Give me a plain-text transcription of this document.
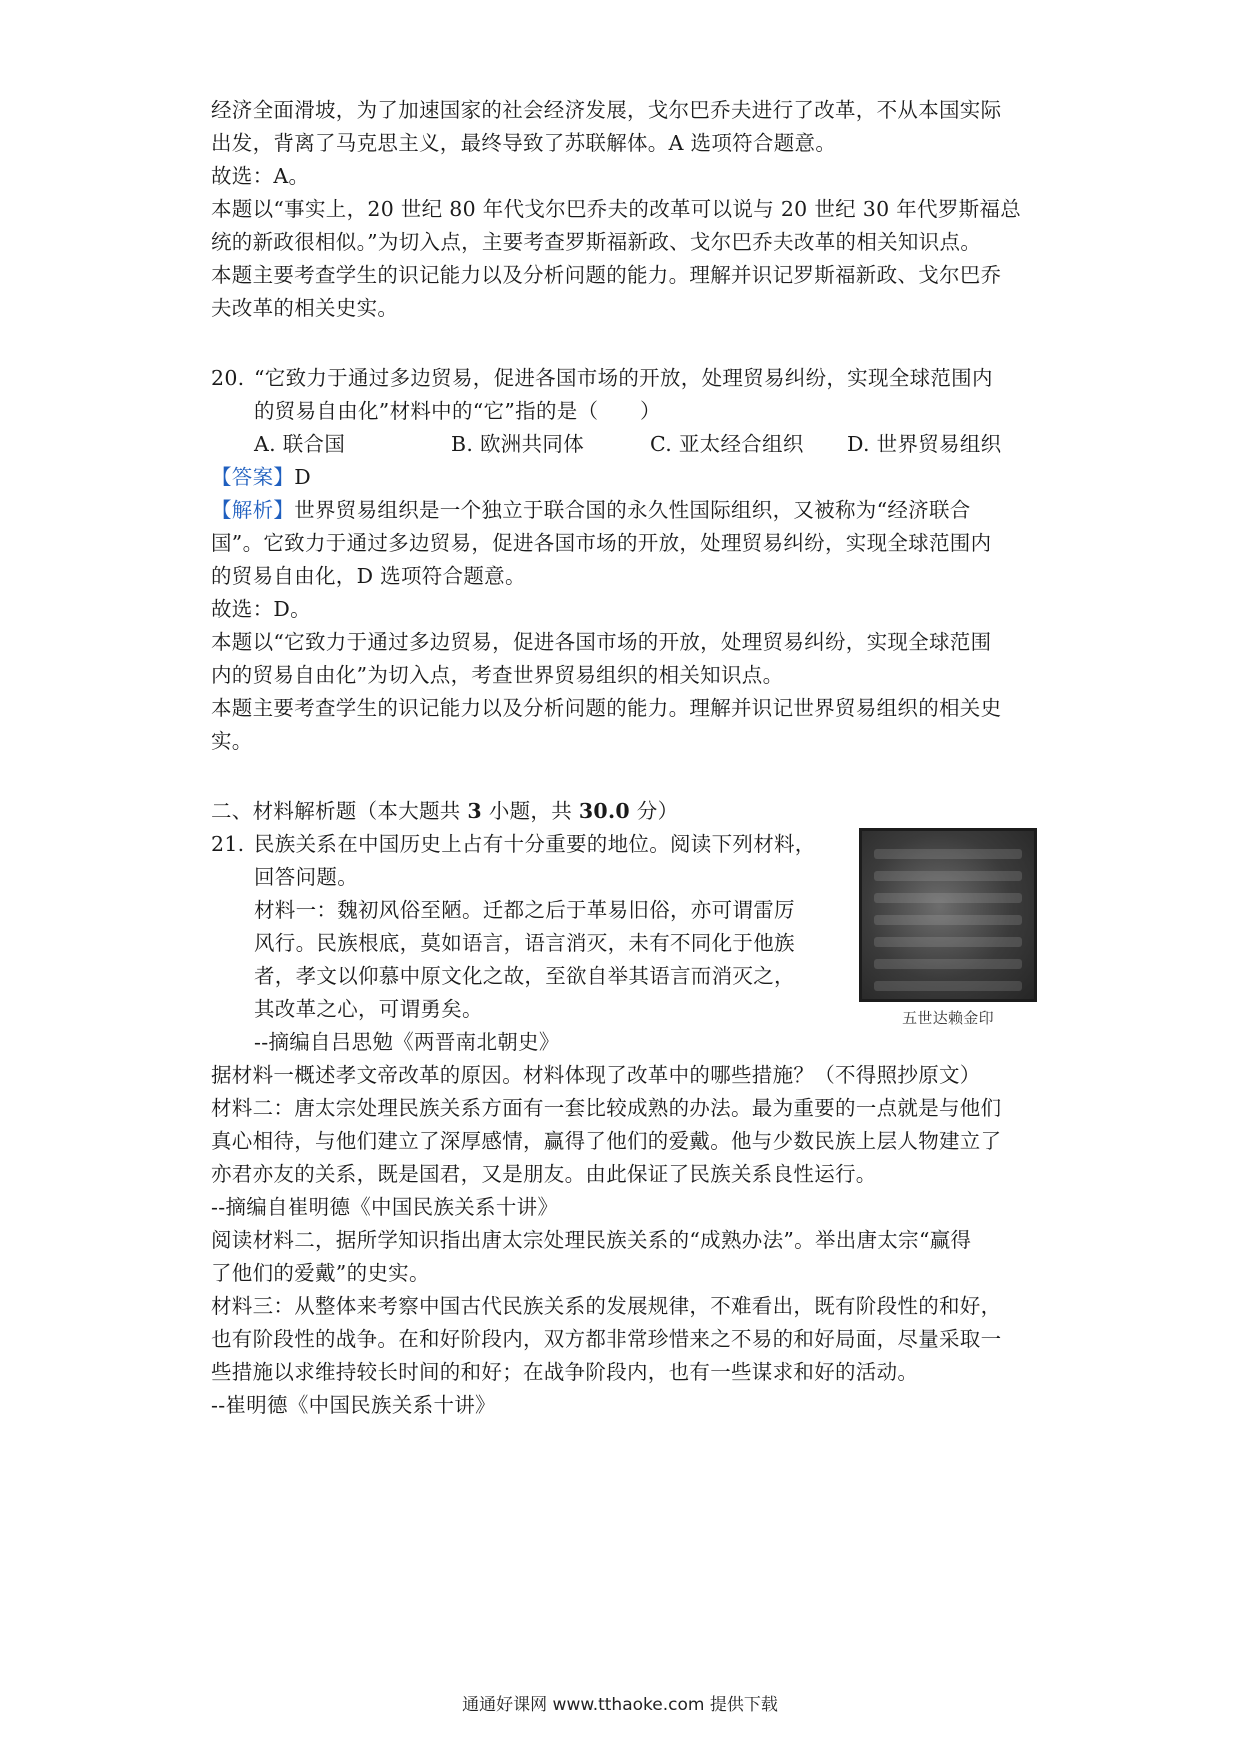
经济全面滑坡，为了加速国家的社会经济发展，戈尔巴乔夫进行了改革，不从本国实际

出发，背离了马克思主义，最终导致了苏联解体。A 选项符合题意。

故选：A。

本题以“事实上，20 世纪 80 年代戈尔巴乔夫的改革可以说与 20 世纪 30 年代罗斯福总

统的新政很相似。”为切入点，主要考查罗斯福新政、戈尔巴乔夫改革的相关知识点。

本题主要考查学生的识记能力以及分析问题的能力。理解并识记罗斯福新政、戈尔巴乔

夫改革的相关史实。

20. “它致力于通过多边贸易，促进各国市场的开放，处理贸易纠纷，实现全球范围内

的贸易自由化”材料中的“它”指的是（　　）

A. 联合国	B. 欧洲共同体	C. 亚太经合组织	D. 世界贸易组织

【答案】D

【解析】世界贸易组织是一个独立于联合国的永久性国际组织，又被称为“经济联合

国”。它致力于通过多边贸易，促进各国市场的开放，处理贸易纠纷，实现全球范围内

的贸易自由化，D 选项符合题意。

故选：D。

本题以“它致力于通过多边贸易，促进各国市场的开放，处理贸易纠纷，实现全球范围

内的贸易自由化”为切入点，考查世界贸易组织的相关知识点。

本题主要考查学生的识记能力以及分析问题的能力。理解并识记世界贸易组织的相关史

实。

二、材料解析题（本大题共 3 小题，共 30.0 分）

21. 民族关系在中国历史上占有十分重要的地位。阅读下列材料，

回答问题。

材料一：魏初风俗至陋。迁都之后于革易旧俗，亦可谓雷厉

风行。民族根底，莫如语言，语言消灭，未有不同化于他族

者，孝文以仰慕中原文化之故，至欲自举其语言而消灭之，

其改革之心，可谓勇矣。

--摘编自吕思勉《两晋南北朝史》

五世达赖金印

据材料一概述孝文帝改革的原因。材料体现了改革中的哪些措施？（不得照抄原文）

材料二：唐太宗处理民族关系方面有一套比较成熟的办法。最为重要的一点就是与他们

真心相待，与他们建立了深厚感情，赢得了他们的爱戴。他与少数民族上层人物建立了

亦君亦友的关系，既是国君，又是朋友。由此保证了民族关系良性运行。

--摘编自崔明德《中国民族关系十讲》

阅读材料二，据所学知识指出唐太宗处理民族关系的“成熟办法”。举出唐太宗“赢得

了他们的爱戴”的史实。

材料三：从整体来考察中国古代民族关系的发展规律，不难看出，既有阶段性的和好，

也有阶段性的战争。在和好阶段内，双方都非常珍惜来之不易的和好局面，尽量采取一

些措施以求维持较长时间的和好；在战争阶段内，也有一些谋求和好的活动。

--崔明德《中国民族关系十讲》

通通好课网 www.tthaoke.com 提供下载
